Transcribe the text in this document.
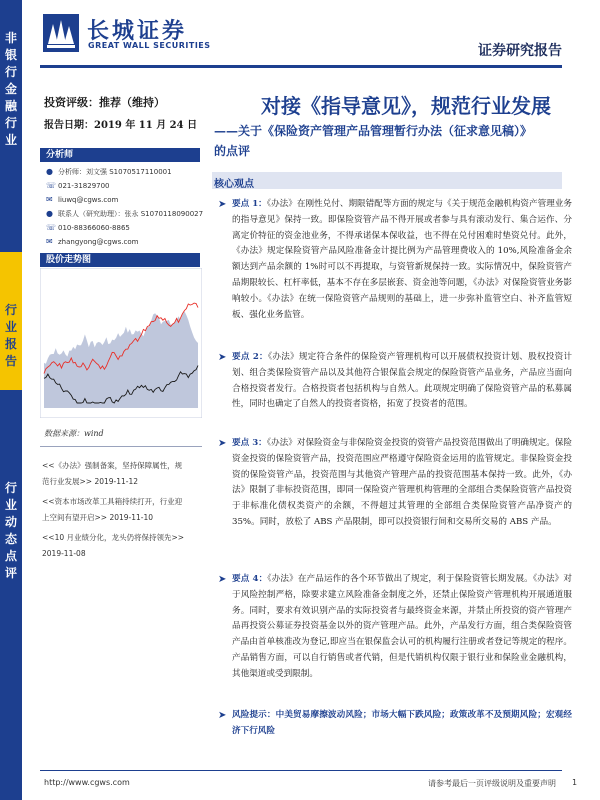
长城证券
GREAT WALL SECURITIES	证券研究报告
非
银
行
金
融
行
业
行
业
报
告
行
业
动
态
点
评
投资评级：推荐（维持）
报告日期：2019 年 11 月 24 日
分析师
● 分析师：刘文强 S1070517110001
☏ 021-31829700
✉ liuwq@cgws.com
● 联系人（研究助理）：张永 S1070118090027
☏ 010-88366060-8865
✉ zhangyong@cgws.com
股价走势图
数据来源：wind
<<《办法》强制备案，坚持保障属性，规
范行业发展>> 2019-11-12
<<资本市场改革工具箱持续打开，行业迎
上空间有望开启>> 2019-11-10
<<10 月业绩分化，龙头仍将保持领先>>
2019-11-08
对接《指导意见》，规范行业发展
——关于《保险资产管理产品管理暂行办法（征求意见稿）》
的点评
核心观点
➤ 要点 1：《办法》在刚性兑付、期限错配等方面的规定与《关于规范金融机构资产管理业务的指导意见》保持一致。即保险资管产品不得开展或者参与具有滚动发行、集合运作、分离定价特征的资金池业务，不得承诺保本保收益，也不得在兑付困难时垫资兑付。此外，《办法》规定保险资管产品风险准备金计提比例为产品管理费收入的 10%,风险准备金余额达到产品余额的 1%时可以不再提取，与资管新规保持一致。实际情况中，保险资管产品期限较长、杠杆率低，基本不存在多层嵌套、资金池等问题，《办法》对保险资管业务影响较小。《办法》在统一保险资管产品规则的基础上，进一步弥补监管空白、补齐监管短板、强化业务监管。
➤ 要点 2：《办法》规定符合条件的保险资产管理机构可以开展债权投资计划、股权投资计划、组合类保险资管产品以及其他符合银保监会规定的保险资管产品业务，产品应当面向合格投资者发行。合格投资者包括机构与自然人。此项规定明确了保险资管产品的私募属性，同时也确定了自然人的投资者资格，拓宽了投资者的范围。
➤ 要点 3：《办法》对保险资金与非保险资金投资的资管产品投资范围做出了明确规定。保险资金投资的保险资管产品，投资范围应严格遵守保险资金运用的监管规定。非保险资金投资的保险资管产品，投资范围与其他资产管理产品的投资范围基本保持一致。此外，《办法》限制了非标投资范围，即同一保险资产管理机构管理的全部组合类保险资管产品投资于非标准化债权类资产的余额，不得超过其管理的全部组合类保险资管产品净资产的 35%。同时，放松了 ABS 产品限制，即可以投资银行间和交易所交易的 ABS 产品。
➤ 要点 4：《办法》在产品运作的各个环节做出了规定，利于保险资管长期发展。《办法》对于风险控制严格，除要求建立风险准备金制度之外，还禁止保险资产管理机构开展通道服务。同时，要求有效识别产品的实际投资者与最终资金来源，并禁止所投资的资产管理产品再投资公募证券投资基金以外的资产管理产品。此外，产品发行方面，组合类保险资管产品由首单核准改为登记,即应当在银保监会认可的机构履行注册或者登记等规定的程序。产品销售方面，可以自行销售或者代销，但是代销机构仅限于银行业和保险业金融机构，其他渠道或受到限制。
➤ 风险提示：中美贸易摩擦波动风险；市场大幅下跌风险；政策改革不及预期风险；宏观经济下行风险
http://www.cgws.com	请参考最后一页评级说明及重要声明 1
